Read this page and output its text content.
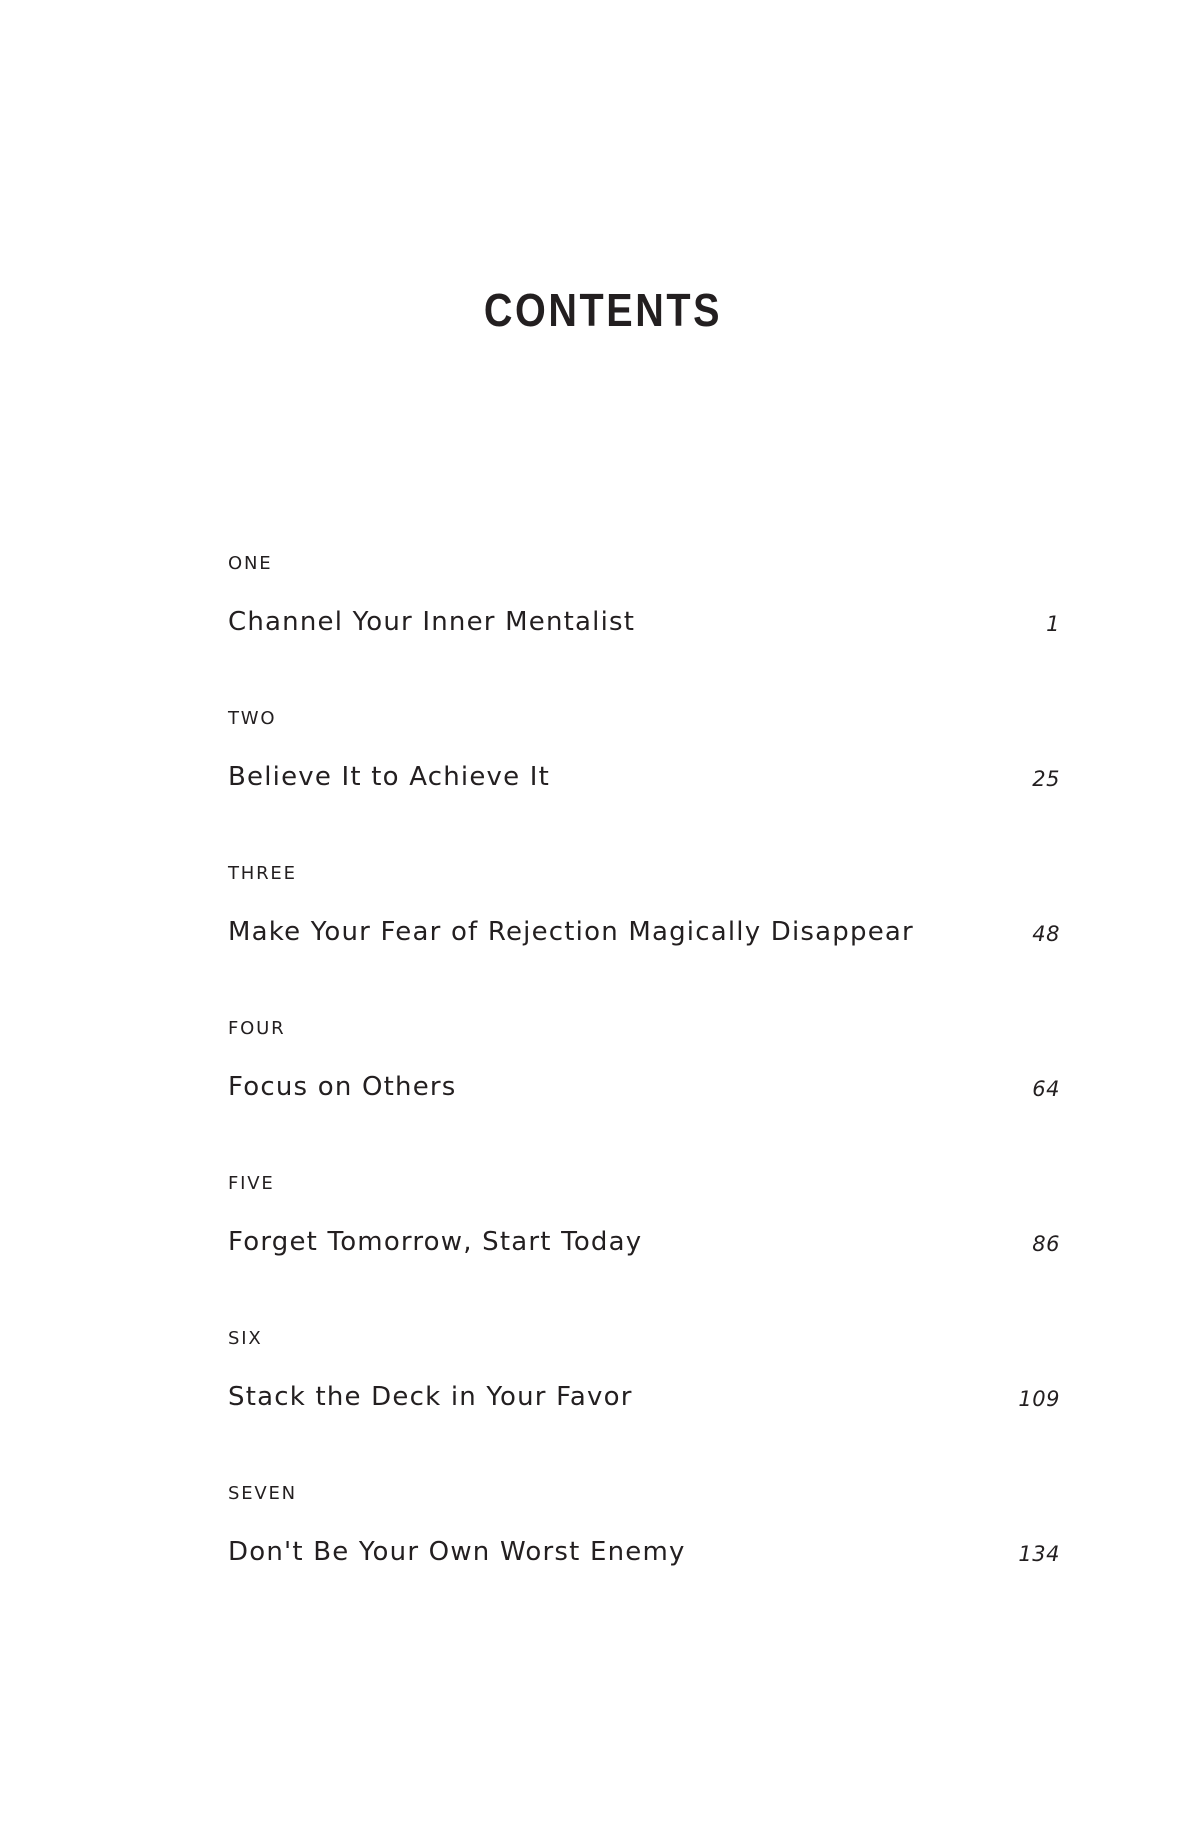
CONTENTS
ONE
Channel Your Inner Mentalist	1
TWO
Believe It to Achieve It	25
THREE
Make Your Fear of Rejection Magically Disappear	48
FOUR
Focus on Others	64
FIVE
Forget Tomorrow, Start Today	86
SIX
Stack the Deck in Your Favor	109
SEVEN
Don't Be Your Own Worst Enemy	134
